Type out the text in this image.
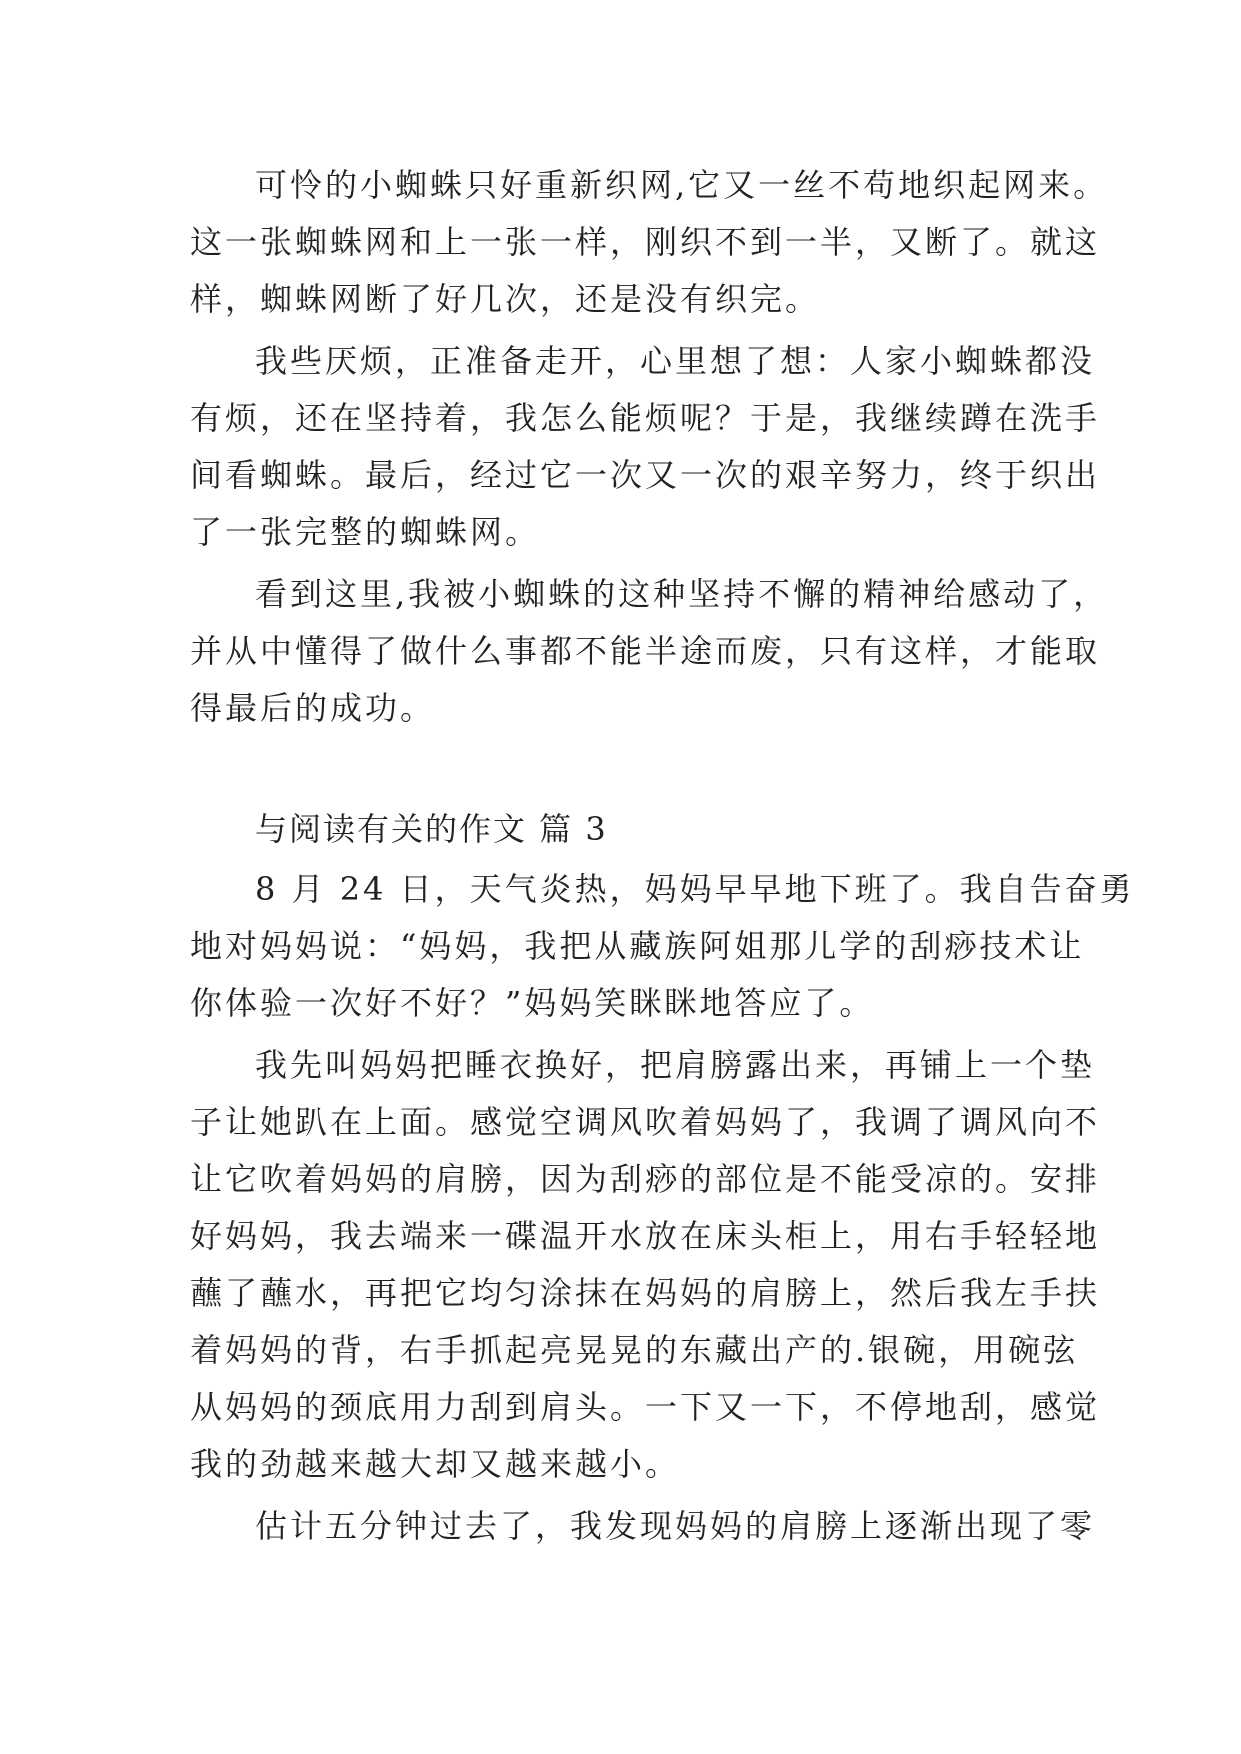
可怜的小蜘蛛只好重新织网,它又一丝不苟地织起网来。

这一张蜘蛛网和上一张一样，刚织不到一半，又断了。就这

样，蜘蛛网断了好几次，还是没有织完。

我些厌烦，正准备走开，心里想了想：人家小蜘蛛都没

有烦，还在坚持着，我怎么能烦呢？于是，我继续蹲在洗手

间看蜘蛛。最后，经过它一次又一次的艰辛努力，终于织出

了一张完整的蜘蛛网。

看到这里,我被小蜘蛛的这种坚持不懈的精神给感动了，

并从中懂得了做什么事都不能半途而废，只有这样，才能取

得最后的成功。

与阅读有关的作文 篇 3

8 月 24 日，天气炎热，妈妈早早地下班了。我自告奋勇

地对妈妈说：“妈妈，我把从藏族阿姐那儿学的刮痧技术让

你体验一次好不好？”妈妈笑眯眯地答应了。

我先叫妈妈把睡衣换好，把肩膀露出来，再铺上一个垫

子让她趴在上面。感觉空调风吹着妈妈了，我调了调风向不

让它吹着妈妈的肩膀，因为刮痧的部位是不能受凉的。安排

好妈妈，我去端来一碟温开水放在床头柜上，用右手轻轻地

蘸了蘸水，再把它均匀涂抹在妈妈的肩膀上，然后我左手扶

着妈妈的背，右手抓起亮晃晃的东藏出产的.银碗，用碗弦

从妈妈的颈底用力刮到肩头。一下又一下，不停地刮，感觉

我的劲越来越大却又越来越小。

估计五分钟过去了，我发现妈妈的肩膀上逐渐出现了零
